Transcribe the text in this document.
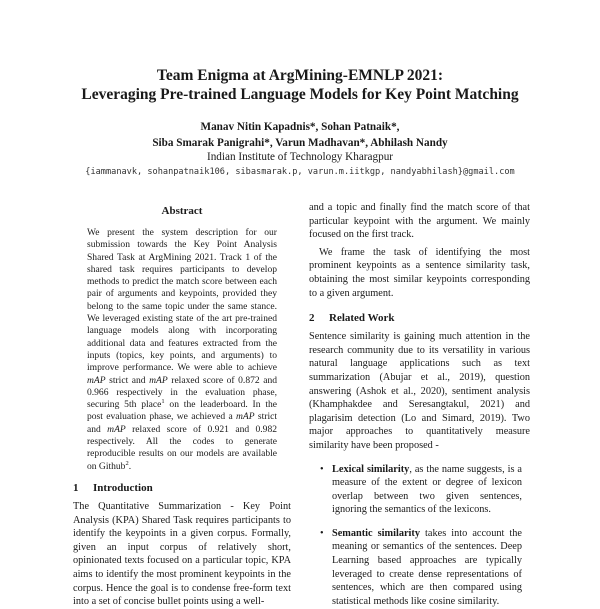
Team Enigma at ArgMining-EMNLP 2021:
Leveraging Pre-trained Language Models for Key Point Matching
Manav Nitin Kapadnis*, Sohan Patnaik*,
Siba Smarak Panigrahi*, Varun Madhavan*, Abhilash Nandy
Indian Institute of Technology Kharagpur
{iammanavk, sohanpatnaik106, sibasmarak.p, varun.m.iitkgp, nandyabhilash}@gmail.com
Abstract
We present the system description for our submission towards the Key Point Analysis Shared Task at ArgMining 2021. Track 1 of the shared task requires participants to develop methods to predict the match score between each pair of arguments and keypoints, provided they belong to the same topic under the same stance. We leveraged existing state of the art pre-trained language models along with incorporating additional data and features extracted from the inputs (topics, key points, and arguments) to improve performance. We were able to achieve mAP strict and mAP relaxed score of 0.872 and 0.966 respectively in the evaluation phase, securing 5th place$^1$ on the leaderboard. In the post evaluation phase, we achieved a mAP strict and mAP relaxed score of 0.921 and 0.982 respectively. All the codes to generate reproducible results on our models are available on Github$^2$.
1 Introduction

The Quantitative Summarization - Key Point Analysis (KPA) Shared Task requires participants to identify the keypoints in a given corpus. Formally, given an input corpus of relatively short, opinionated texts focused on a particular topic, KPA aims to identify the most prominent keypoints in the corpus. Hence the goal is to condense free-form text into a set of concise bullet points using a well-

and a topic and finally find the match score of that particular keypoint with the argument. We mainly focused on the first track.

We frame the task of identifying the most prominent keypoints as a sentence similarity task, obtaining the most similar keypoints corresponding to a given argument.

2 Related Work

Sentence similarity is gaining much attention in the research community due to its versatility in various natural language applications such as text summarization (Abujar et al., 2019), question answering (Ashok et al., 2020), sentiment analysis (Khamphakdee and Seresangtakul, 2021) and plagarisim detection (Lo and Simard, 2019). Two major approaches to quantitatively measure similarity have been proposed -

• Lexical similarity, as the name suggests, is a measure of the extent or degree of lexicon overlap between two given sentences, ignoring the semantics of the lexicons.
• Semantic similarity takes into account the meaning or semantics of the sentences. Deep Learning based approaches are typically leveraged to create dense representations of sentences, which are then compared using statistical methods like cosine similarity.
